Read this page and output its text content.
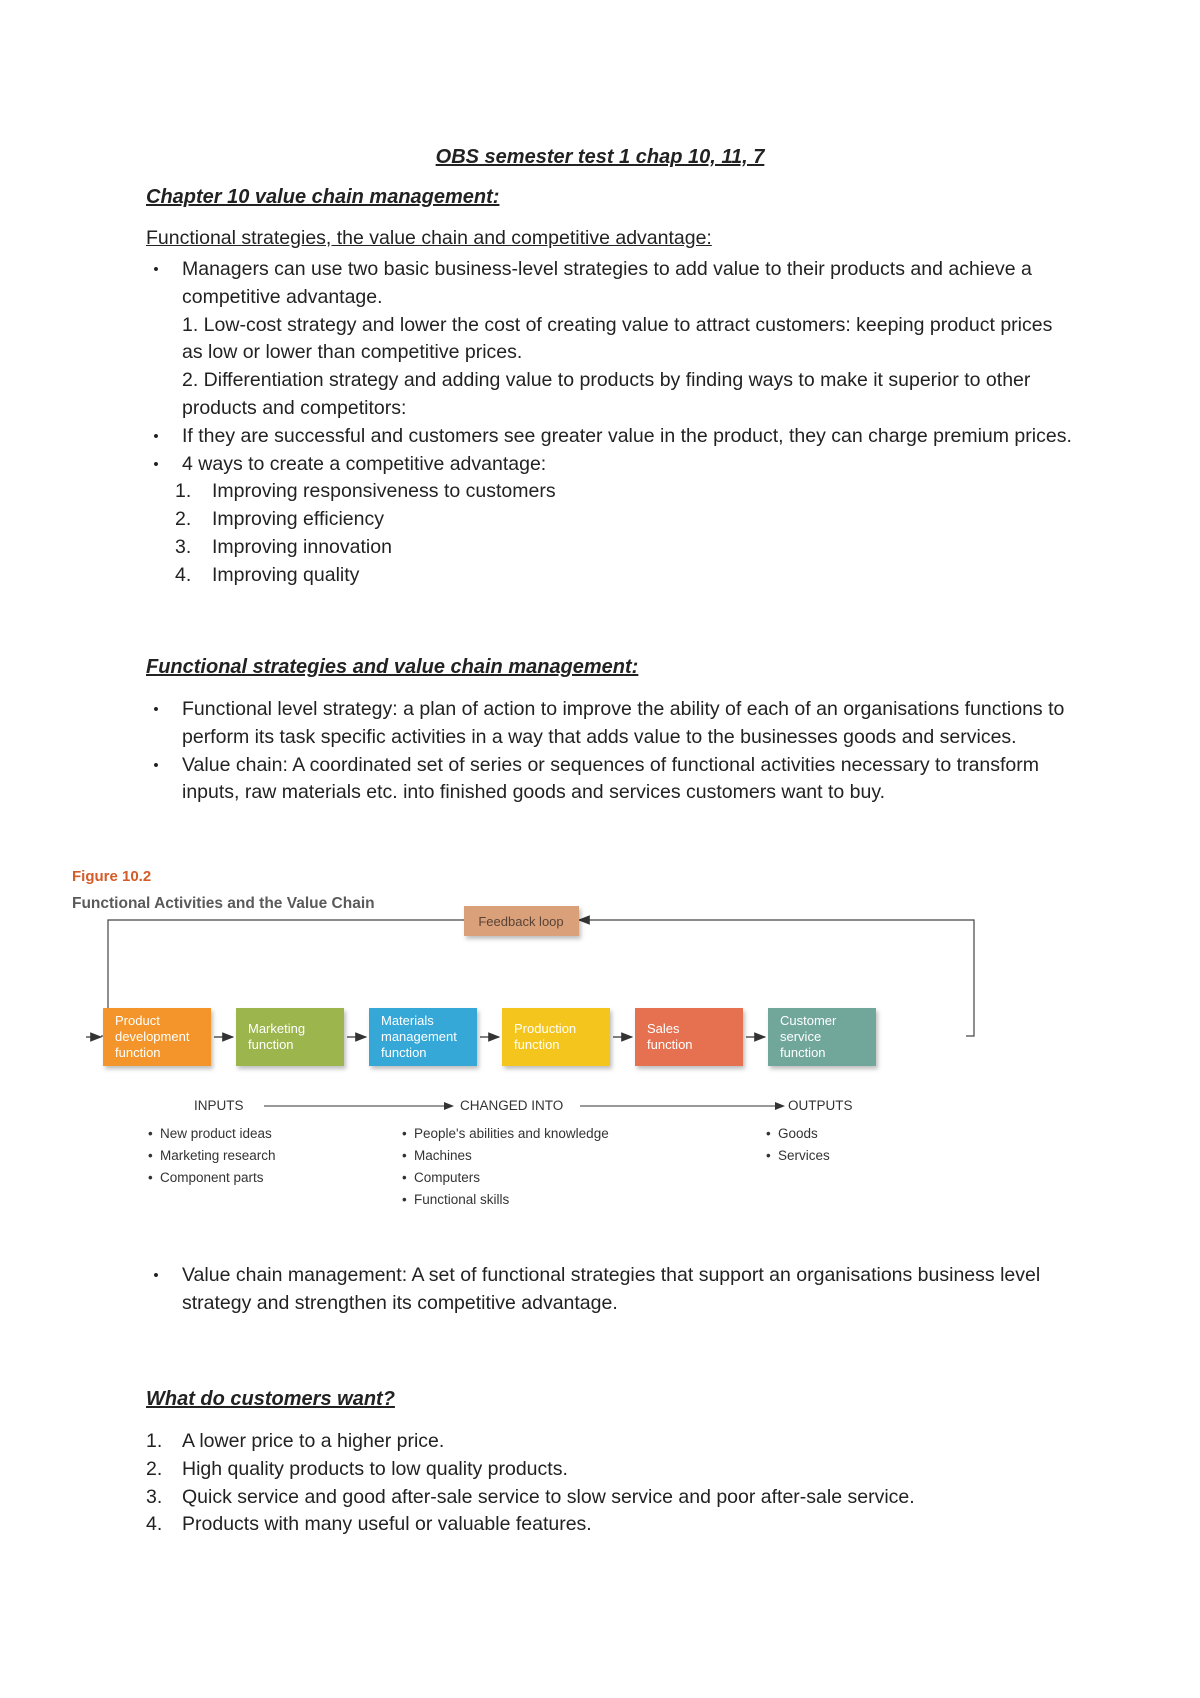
OBS semester test 1 chap 10, 11, 7
Chapter 10 value chain management:
Functional strategies, the value chain and competitive advantage:
•	Managers can use two basic business-level strategies to add value to their products and achieve a competitive advantage.
1. Low-cost strategy and lower the cost of creating value to attract customers: keeping product prices as low or lower than competitive prices.
2. Differentiation strategy and adding value to products by finding ways to make it superior to other products and competitors:
•	If they are successful and customers see greater value in the product, they can charge premium prices.
•	4 ways to create a competitive advantage:
1. Improving responsiveness to customers
2. Improving efficiency
3. Improving innovation
4. Improving quality
Functional strategies and value chain management:
•	Functional level strategy: a plan of action to improve the ability of each of an organisations functions to perform its task specific activities in a way that adds value to the businesses goods and services.
•	Value chain: A coordinated set of series or sequences of functional activities necessary to transform inputs, raw materials etc. into finished goods and services customers want to buy.
Figure 10.2
Functional Activities and the Value Chain
Feedback loop
Product
development
function
Marketing
function
Materials
management
function
Production
function
Sales
function
Customer
service
function
INPUTS	CHANGED INTO	OUTPUTS
• New product ideas
• Marketing research
• Component parts
• People's abilities and knowledge
• Machines
• Computers
• Functional skills
• Goods
• Services
•	Value chain management: A set of functional strategies that support an organisations business level strategy and strengthen its competitive advantage.
What do customers want?
1. A lower price to a higher price.
2. High quality products to low quality products.
3. Quick service and good after-sale service to slow service and poor after-sale service.
4. Products with many useful or valuable features.
